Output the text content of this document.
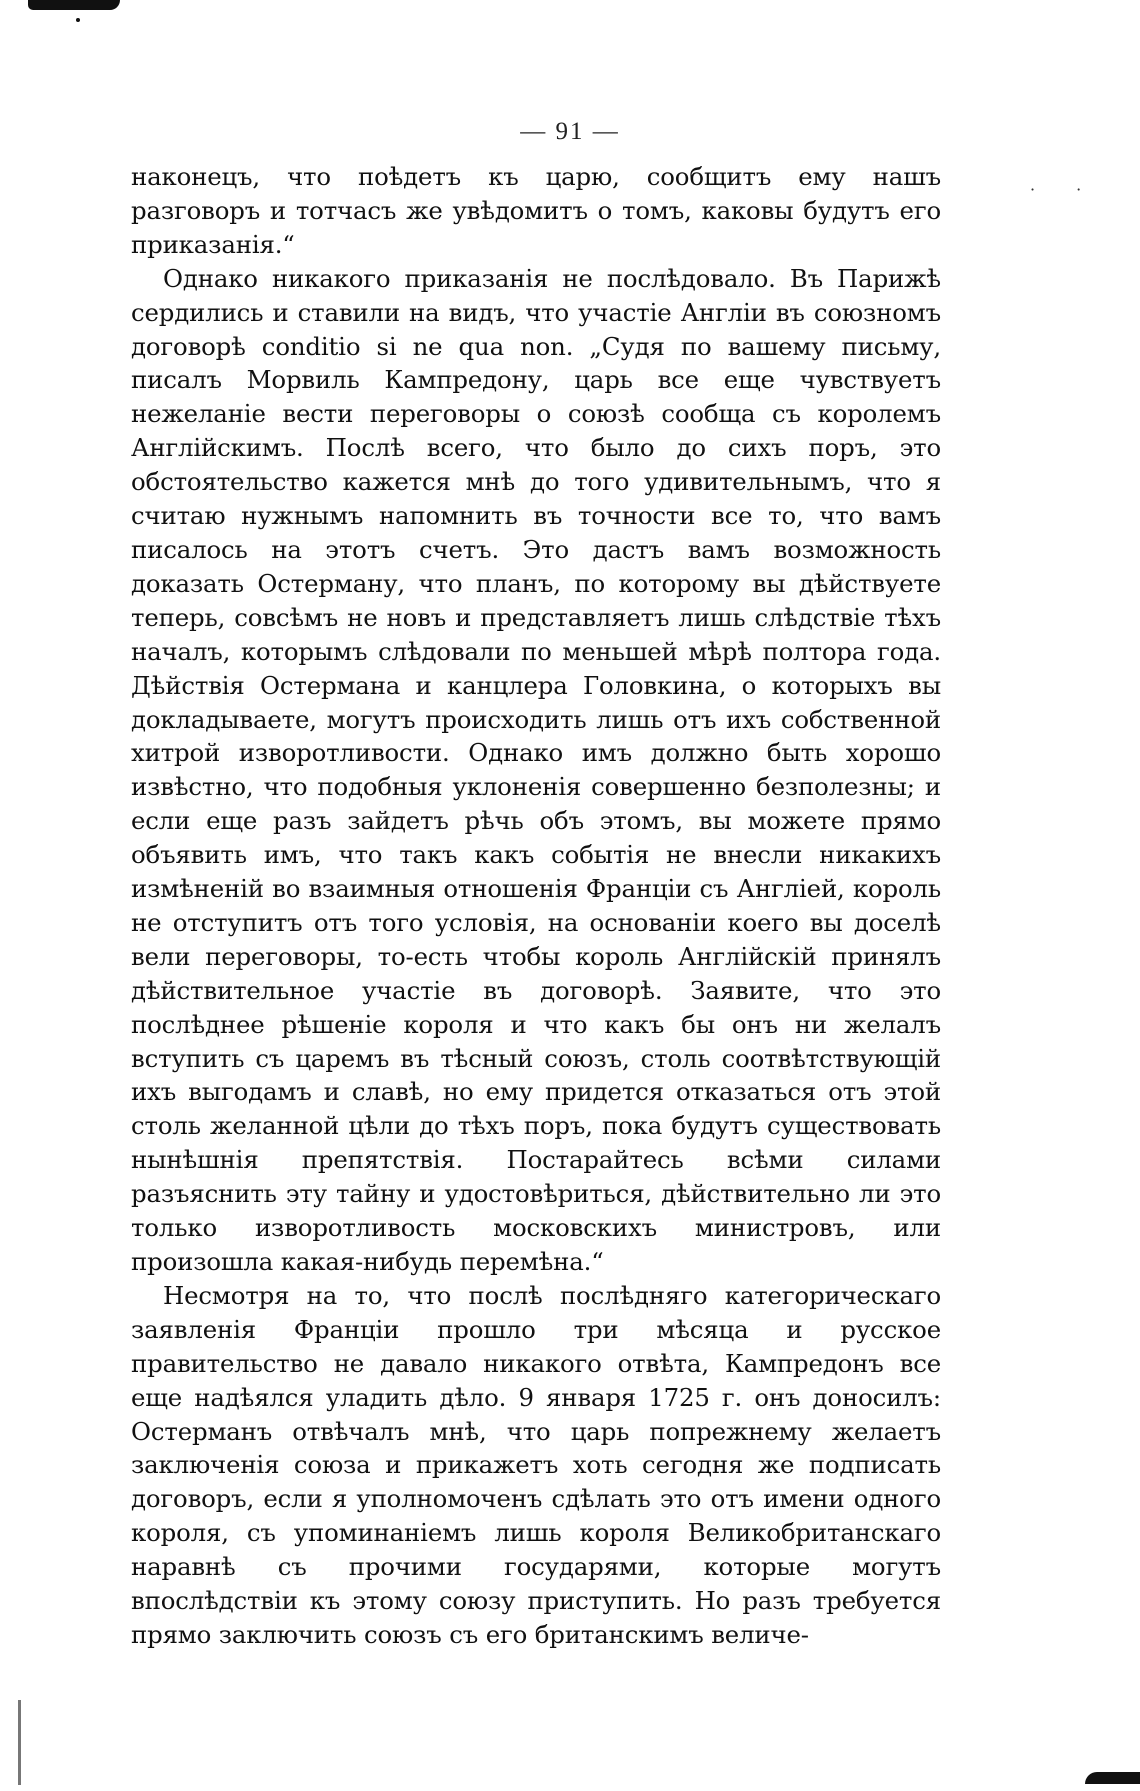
· ·
— 91 —

наконецъ, что поѣдетъ къ царю, сообщитъ ему нашъ разговоръ и тотчасъ же увѣдомитъ о томъ, каковы будутъ его приказанія.“

Однако никакого приказанія не послѣдовало. Въ Парижѣ сердились и ставили на видъ, что участіе Англіи въ союзномъ договорѣ conditio si ne qua non. „Судя по вашему письму, писалъ Морвиль Кампредону, царь все еще чувствуетъ нежеланіе вести переговоры о союзѣ сообща съ королемъ Англійскимъ. Послѣ всего, что было до сихъ поръ, это обстоятельство кажется мнѣ до того удивительнымъ, что я считаю нужнымъ напомнить въ точности все то, что вамъ писалось на этотъ счетъ. Это дастъ вамъ возможность доказать Остерману, что планъ, по которому вы дѣйствуете теперь, совсѣмъ не новъ и представляетъ лишь слѣдствіе тѣхъ началъ, которымъ слѣдовали по меньшей мѣрѣ полтора года. Дѣйствія Остермана и канцлера Головкина, о которыхъ вы докладываете, могутъ происходить лишь отъ ихъ собственной хитрой изворотливости. Однако имъ должно быть хорошо извѣстно, что подобныя уклоненія совершенно безполезны; и если еще разъ зайдетъ рѣчь объ этомъ, вы можете прямо объявить имъ, что такъ какъ событія не внесли никакихъ измѣненій во взаимныя отношенія Франціи съ Англіей, король не отступитъ отъ того условія, на основаніи коего вы доселѣ вели переговоры, то-есть чтобы король Англійскій принялъ дѣйствительное участіе въ договорѣ. Заявите, что это послѣднее рѣшеніе короля и что какъ бы онъ ни желалъ вступить съ царемъ въ тѣсный союзъ, столь соотвѣтствующій ихъ выгодамъ и славѣ, но ему придется отказаться отъ этой столь желанной цѣли до тѣхъ поръ, пока будутъ существовать нынѣшнія препятствія. Постарайтесь всѣми силами разъяснить эту тайну и удостовѣриться, дѣйствительно ли это только изворотливость московскихъ министровъ, или произошла какая-нибудь перемѣна.“

Несмотря на то, что послѣ послѣдняго категорическаго заявленія Франціи прошло три мѣсяца и русское правительство не давало никакого отвѣта, Кампредонъ все еще надѣялся уладить дѣло. 9 января 1725 г. онъ доносилъ: Остерманъ отвѣчалъ мнѣ, что царь попрежнему желаетъ заключенія союза и прикажетъ хоть сегодня же подписать договоръ, если я уполномоченъ сдѣлать это отъ имени одного короля, съ упоминаніемъ лишь короля Великобританскаго наравнѣ съ прочими государями, которые могутъ впослѣдствіи къ этому союзу приступить. Но разъ требуется прямо заключить союзъ съ его британскимъ величе-
